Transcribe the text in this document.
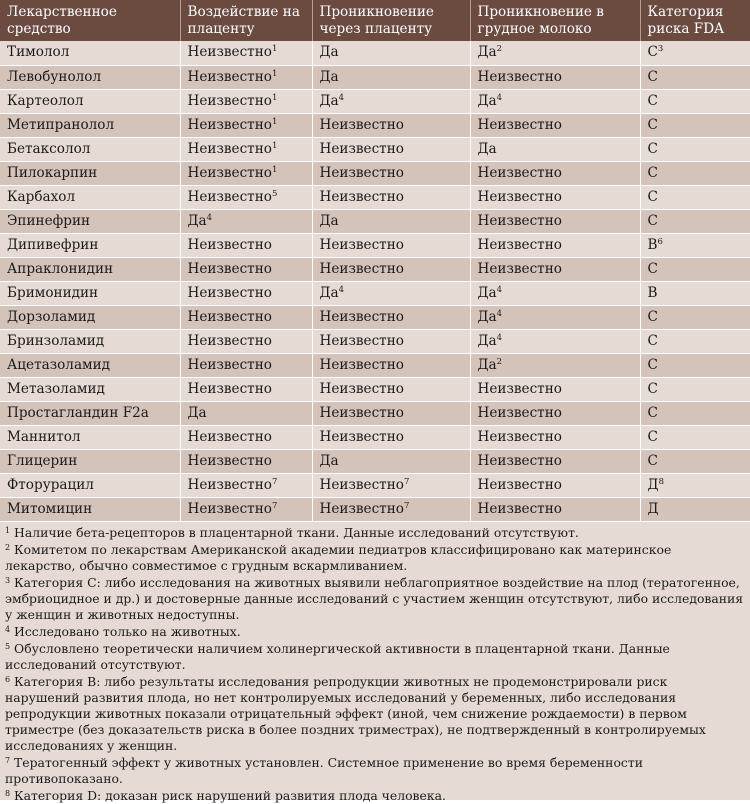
Лекарственное средство	Воздействие на плаценту	Проникновение через плаценту	Проникновение в грудное молоко	Категория риска FDA
Тимолол	Неизвестно$^1$	Да	$Да^2$	$С^3$
Левобунолол	Неизвестно$^1$	Да	Неизвестно	С
Картеолол	Неизвестно$^1$	$Да^4$	$Да^4$	С
Метипранолол	Неизвестно$^1$	Неизвестно	Неизвестно	С
Бетаксолол	Неизвестно$^1$	Неизвестно	Да	С
Пилокарпин	Неизвестно$^1$	Неизвестно	Неизвестно	С
Карбахол	Неизвестно$^5$	Неизвестно	Неизвестно	С
Эпинефрин	$Да^4$	Да	Неизвестно	С
Дипивефрин	Неизвестно	Неизвестно	Неизвестно	$В^6$
Апраклонидин	Неизвестно	Неизвестно	Неизвестно	С
Бримонидин	Неизвестно	$Да^4$	$Да^4$	В
Дорзоламид	Неизвестно	Неизвестно	$Да^4$	С
Бринзоламид	Неизвестно	Неизвестно	$Да^4$	С
Ацетазоламид	Неизвестно	Неизвестно	$Да^2$	С
Метазоламид	Неизвестно	Неизвестно	Неизвестно	С
Простагландин F2a	Да	Неизвестно	Неизвестно	С
Маннитол	Неизвестно	Неизвестно	Неизвестно	С
Глицерин	Неизвестно	Да	Неизвестно	С
Фторурацил	Неизвестно$^7$	Неизвестно$^7$	Неизвестно	$Д^8$
Митомицин	Неизвестно$^7$	Неизвестно$^7$	Неизвестно	Д
$^1$ Наличие бета-рецепторов в плацентарной ткани. Данные исследований отсутствуют.
$^2$ Комитетом по лекарствам Американской академии педиатров классифицировано как материнское лекарство, обычно совместимое с грудным вскармливанием.
$^3$ Категория С: либо исследования на животных выявили неблагоприятное воздействие на плод (тератогенное, эмбриоцидное и др.) и достоверные данные исследований с участием женщин отсутствуют, либо исследования у женщин и животных недоступны.
$^4$ Исследовано только на животных.
$^5$ Обусловлено теоретически наличием холинергической активности в плацентарной ткани. Данные исследований отсутствуют.
$^6$ Категория В: либо результаты исследования репродукции животных не продемонстрировали риск нарушений развития плода, но нет контролируемых исследований у беременных, либо исследования репродукции животных показали отрицательный эффект (иной, чем снижение рождаемости) в первом триместре (без доказательств риска в более поздних триместрах), не подтвержденный в контролируемых исследованиях у женщин.
$^7$ Тератогенный эффект у животных установлен. Системное применение во время беременности противопоказано.
$^8$ Категория D: доказан риск нарушений развития плода человека.
